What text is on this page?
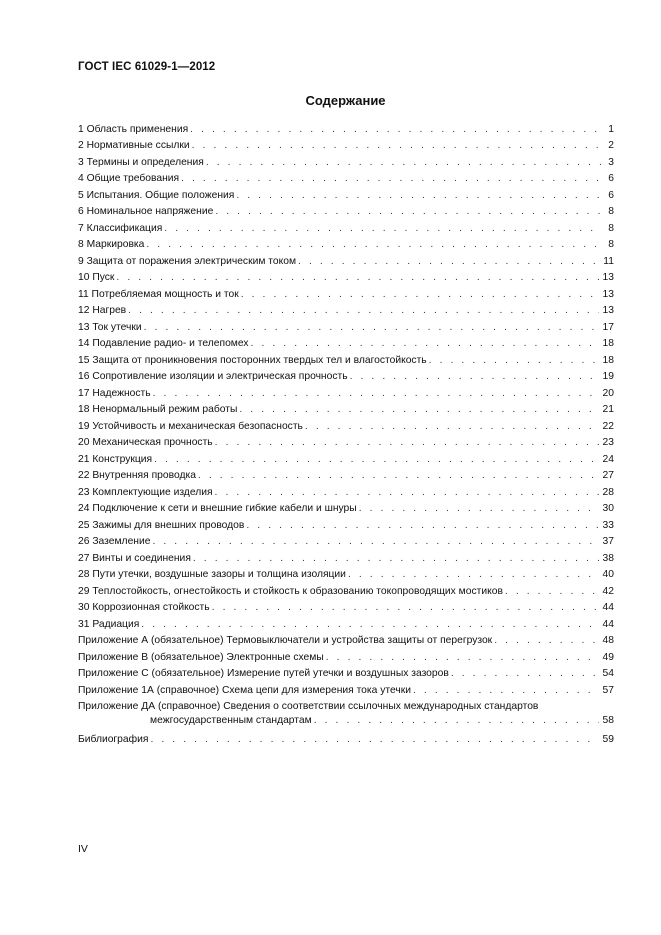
ГОСТ IEC 61029-1—2012
Содержание
1 Область применения . . .	1
2 Нормативные ссылки . . .	2
3 Термины и определения . . .	3
4 Общие требования . . .	6
5 Испытания. Общие положения . . .	6
6 Номинальное напряжение . . .	8
7 Классификация . . .	8
8 Маркировка . . .	8
9 Защита от поражения электрическим током . . .	11
10 Пуск . . .	13
11 Потребляемая мощность и ток . . .	13
12 Нагрев . . .	13
13 Ток утечки . . .	17
14 Подавление радио- и телепомех . . .	18
15 Защита от проникновения посторонних твердых тел и влагостойкость . . .	18
16 Сопротивление изоляции и электрическая прочность . . .	19
17 Надежность . . .	20
18 Ненормальный режим работы . . .	21
19 Устойчивость и механическая безопасность . . .	22
20 Механическая прочность . . .	23
21 Конструкция . . .	24
22 Внутренняя проводка . . .	27
23 Комплектующие изделия . . .	28
24 Подключение к сети и внешние гибкие кабели и шнуры . . .	30
25 Зажимы для внешних проводов . . .	33
26 Заземление . . .	37
27 Винты и соединения . . .	38
28 Пути утечки, воздушные зазоры и толщина изоляции . . .	40
29 Теплостойкость, огнестойкость и стойкость к образованию токопроводящих мостиков . . .	42
30 Коррозионная стойкость . . .	44
31 Радиация . . .	44
Приложение А (обязательное) Термовыключатели и устройства защиты от перегрузок . . .	48
Приложение В (обязательное) Электронные схемы . . .	49
Приложение С (обязательное) Измерение путей утечки и воздушных зазоров . . .	54
Приложение 1А (справочное) Схема цепи для измерения тока утечки . . .	57
Приложение ДА (справочное) Сведения о соответствии ссылочных международных стандартов
межгосударственным стандартам . . .	58
Библиография . . .	59
IV
